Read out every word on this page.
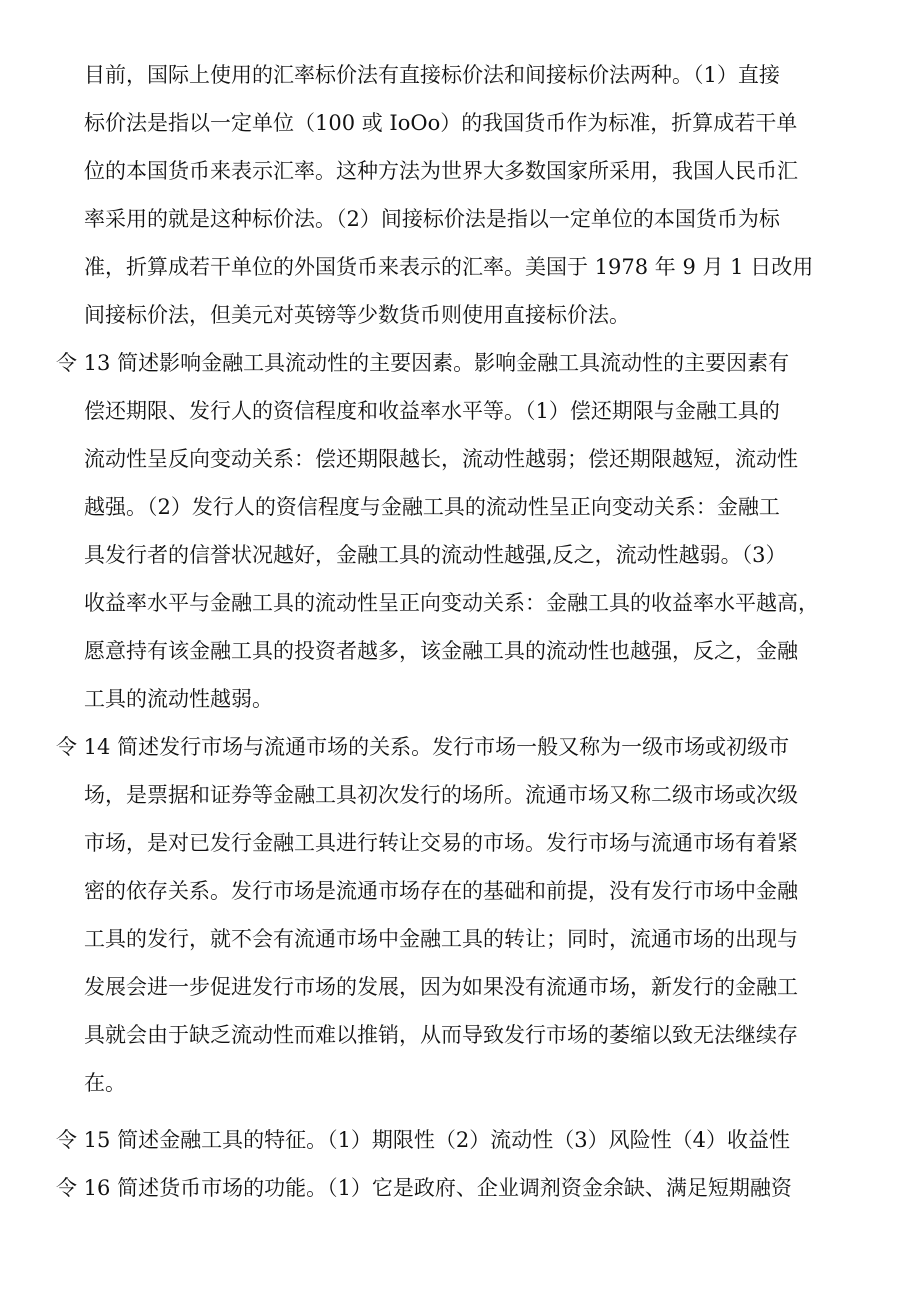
目前，国际上使用的汇率标价法有直接标价法和间接标价法两种。（1）直接
标价法是指以一定单位（100 或 IoOo）的我国货币作为标准，折算成若干单
位的本国货币来表示汇率。这种方法为世界大多数国家所采用，我国人民币汇
率采用的就是这种标价法。（2）间接标价法是指以一定单位的本国货币为标
准，折算成若干单位的外国货币来表示的汇率。美国于 1978 年 9 月 1 日改用
间接标价法，但美元对英镑等少数货币则使用直接标价法。
令 13 简述影响金融工具流动性的主要因素。影响金融工具流动性的主要因素有
偿还期限、发行人的资信程度和收益率水平等。（1）偿还期限与金融工具的
流动性呈反向变动关系：偿还期限越长，流动性越弱；偿还期限越短，流动性
越强。（2）发行人的资信程度与金融工具的流动性呈正向变动关系：金融工
具发行者的信誉状况越好，金融工具的流动性越强,反之，流动性越弱。（3）
收益率水平与金融工具的流动性呈正向变动关系：金融工具的收益率水平越高，
愿意持有该金融工具的投资者越多，该金融工具的流动性也越强，反之，金融
工具的流动性越弱。
令 14 简述发行市场与流通市场的关系。发行市场一般又称为一级市场或初级市
场，是票据和证券等金融工具初次发行的场所。流通市场又称二级市场或次级
市场，是对已发行金融工具进行转让交易的市场。发行市场与流通市场有着紧
密的依存关系。发行市场是流通市场存在的基础和前提，没有发行市场中金融
工具的发行，就不会有流通市场中金融工具的转让；同时，流通市场的出现与
发展会进一步促进发行市场的发展，因为如果没有流通市场，新发行的金融工
具就会由于缺乏流动性而难以推销，从而导致发行市场的萎缩以致无法继续存
在。
令 15 简述金融工具的特征。（1）期限性（2）流动性（3）风险性（4）收益性
令 16 简述货币市场的功能。（1）它是政府、企业调剂资金余缺、满足短期融资
